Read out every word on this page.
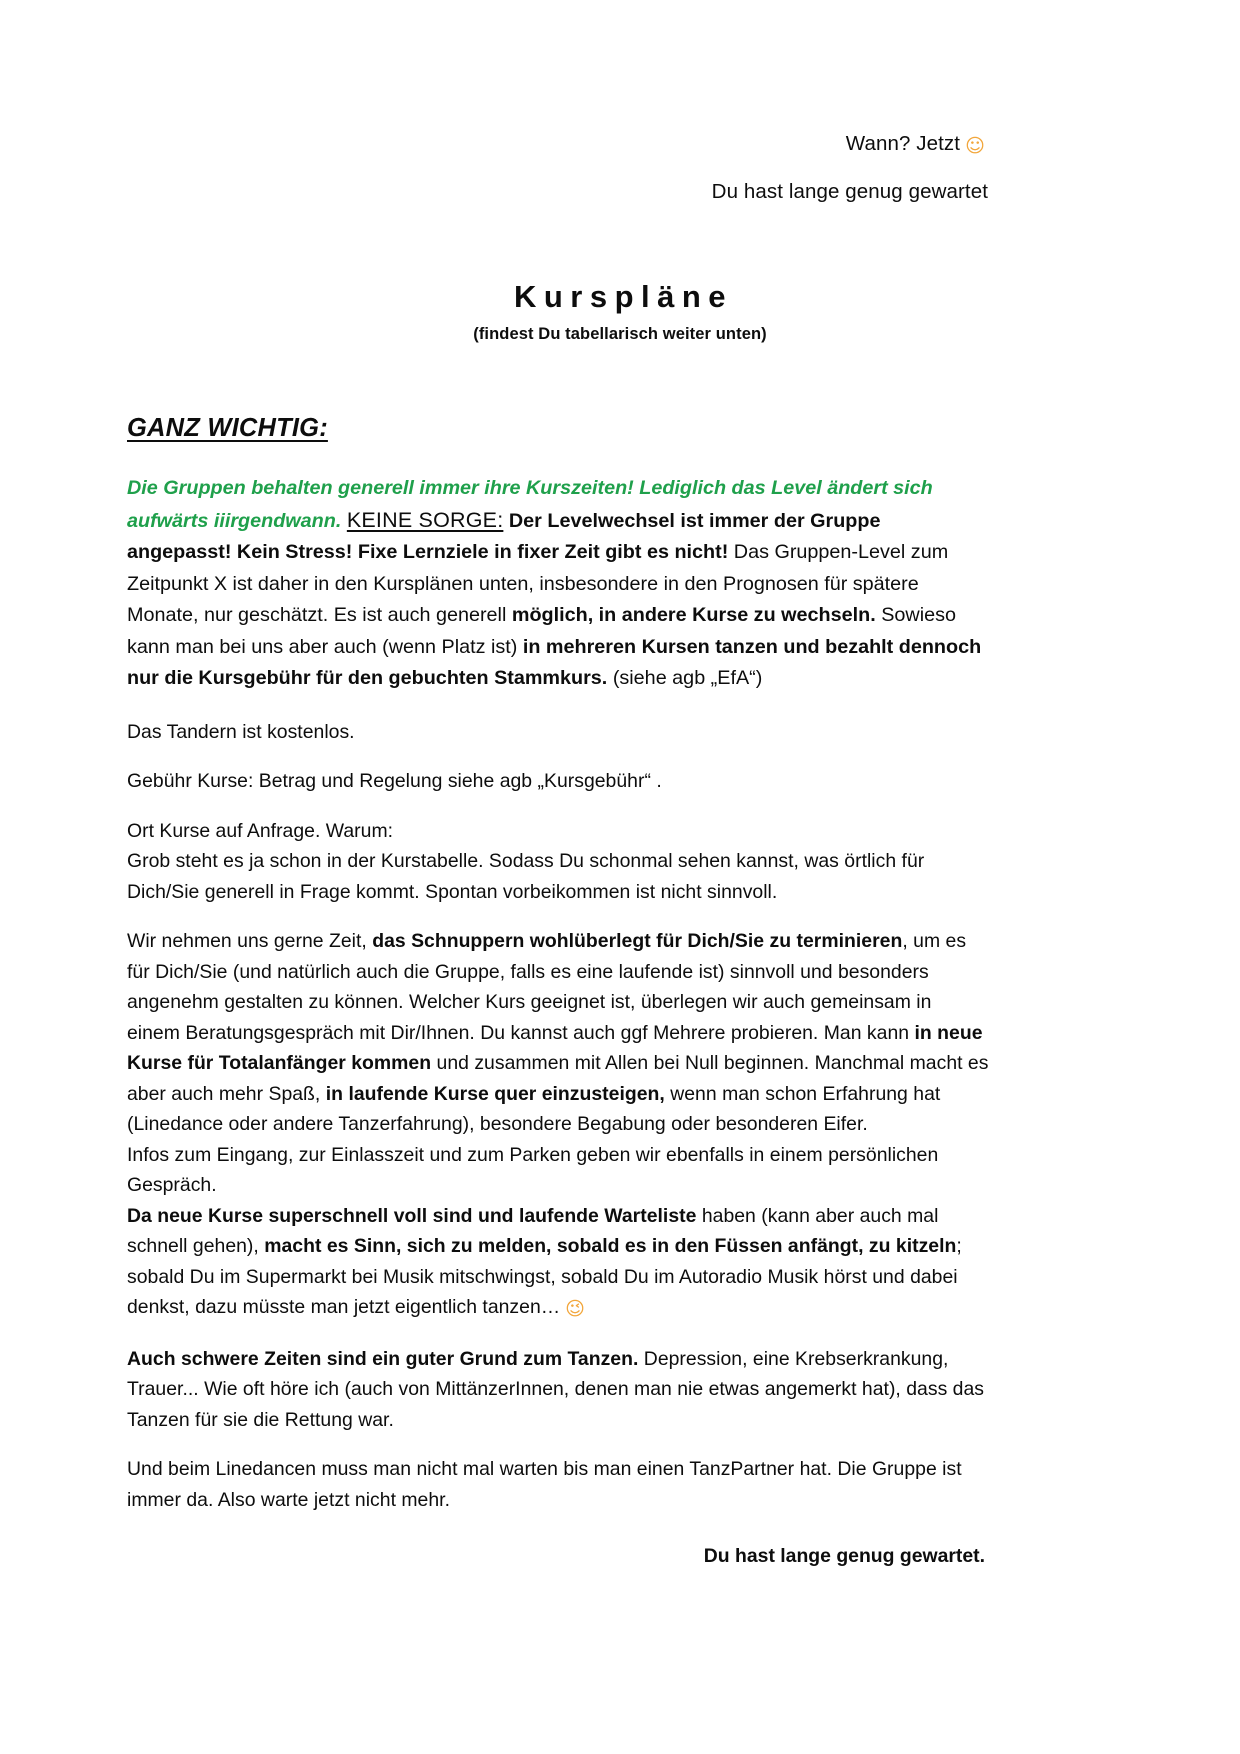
Wann? Jetzt ☺
Du hast lange genug gewartet
Kurspläne
(findest Du tabellarisch weiter unten)
GANZ WICHTIG:

Die Gruppen behalten generell immer ihre Kurszeiten! Lediglich das Level ändert sich aufwärts iiirgendwann. KEINE SORGE: Der Levelwechsel ist immer der Gruppe angepasst! Kein Stress! Fixe Lernziele in fixer Zeit gibt es nicht! Das Gruppen-Level zum Zeitpunkt X ist daher in den Kursplänen unten, insbesondere in den Prognosen für spätere Monate, nur geschätzt. Es ist auch generell möglich, in andere Kurse zu wechseln. Sowieso kann man bei uns aber auch (wenn Platz ist) in mehreren Kursen tanzen und bezahlt dennoch nur die Kursgebühr für den gebuchten Stammkurs. (siehe agb „EfA“)

Das Tandern ist kostenlos.

Gebühr Kurse: Betrag und Regelung siehe agb „Kursgebühr“ .

Ort Kurse auf Anfrage. Warum:
Grob steht es ja schon in der Kurstabelle. Sodass Du schonmal sehen kannst, was örtlich für Dich/Sie generell in Frage kommt. Spontan vorbeikommen ist nicht sinnvoll.

Wir nehmen uns gerne Zeit, das Schnuppern wohlüberlegt für Dich/Sie zu terminieren, um es für Dich/Sie (und natürlich auch die Gruppe, falls es eine laufende ist) sinnvoll und besonders angenehm gestalten zu können. Welcher Kurs geeignet ist, überlegen wir auch gemeinsam in einem Beratungsgespräch mit Dir/Ihnen. Du kannst auch ggf Mehrere probieren. Man kann in neue Kurse für Totalanfänger kommen und zusammen mit Allen bei Null beginnen. Manchmal macht es aber auch mehr Spaß, in laufende Kurse quer einzusteigen, wenn man schon Erfahrung hat (Linedance oder andere Tanzerfahrung), besondere Begabung oder besonderen Eifer.
Infos zum Eingang, zur Einlasszeit und zum Parken geben wir ebenfalls in einem persönlichen Gespräch.
Da neue Kurse superschnell voll sind und laufende Warteliste haben (kann aber auch mal schnell gehen), macht es Sinn, sich zu melden, sobald es in den Füssen anfängt, zu kitzeln; sobald Du im Supermarkt bei Musik mitschwingst, sobald Du im Autoradio Musik hörst und dabei denkst, dazu müsste man jetzt eigentlich tanzen… 😉

Auch schwere Zeiten sind ein guter Grund zum Tanzen. Depression, eine Krebserkrankung, Trauer... Wie oft höre ich (auch von MittänzerInnen, denen man nie etwas angemerkt hat), dass das Tanzen für sie die Rettung war.

Und beim Linedancen muss man nicht mal warten bis man einen TanzPartner hat. Die Gruppe ist immer da. Also warte jetzt nicht mehr.

Du hast lange genug gewartet.
